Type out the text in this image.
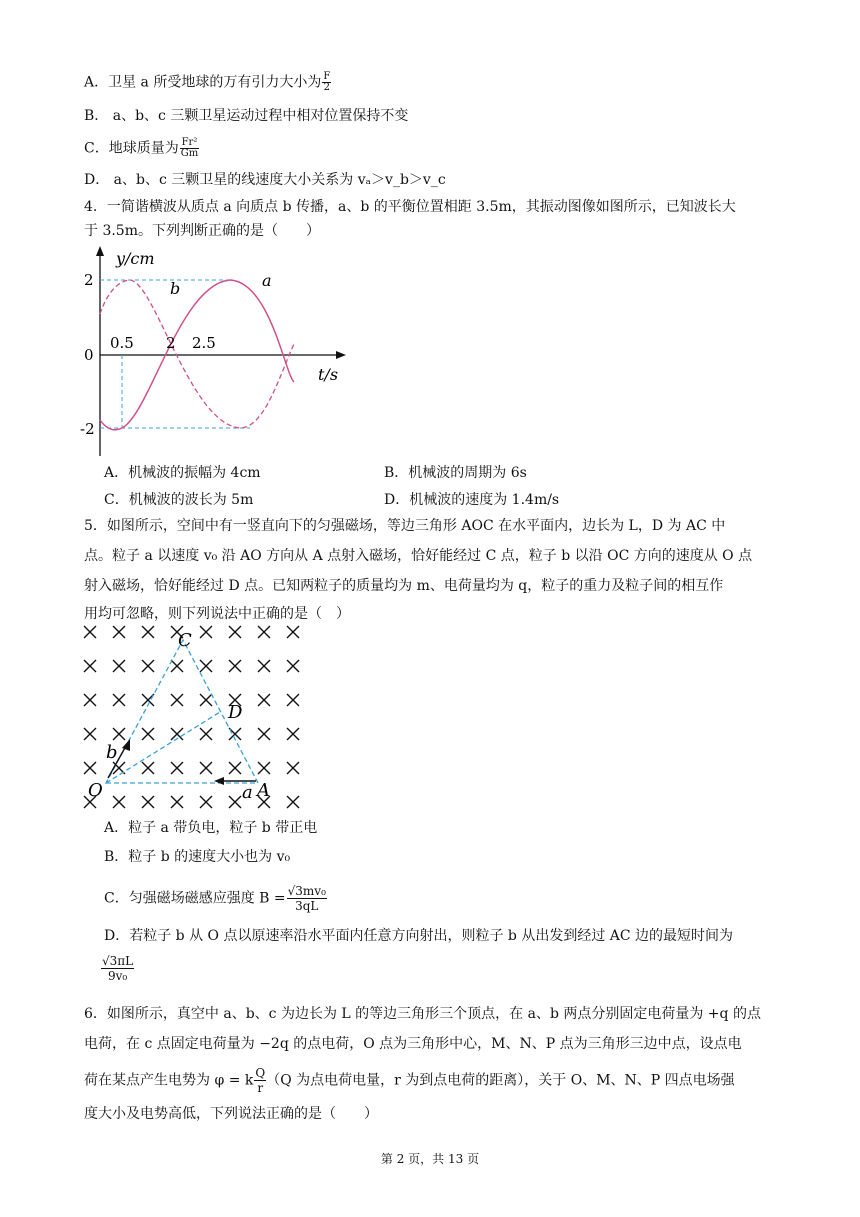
A．卫星 a 所受地球的万有引力大小为 $\frac{F}{2}$
B． a、b、c 三颗卫星运动过程中相对位置保持不变
C．地球质量为 $\frac{\text{Fr²}}{Gm}$
D． a、b、c 三颗卫星的线速度大小关系为 vₐ＞v_b＞v_c
4．一简谐横波从质点 a 向质点 b 传播，a、b 的平衡位置相距 3.5m，其振动图像如图所示，已知波长大
于 3.5m。下列判断正确的是（　　）
y/cm
2
0
-2
0.5 2 2.5
t/s
a
b
A．机械波的振幅为 4cm	B．机械波的周期为 6s
C．机械波的波长为 5m	D．机械波的速度为 1.4m/s
5．如图所示，空间中有一竖直向下的匀强磁场，等边三角形 AOC 在水平面内，边长为 L，D 为 AC 中
点。粒子 a 以速度 v₀ 沿 AO 方向从 A 点射入磁场，恰好能经过 C 点，粒子 b 以沿 OC 方向的速度从 O 点
射入磁场，恰好能经过 D 点。已知两粒子的质量均为 m、电荷量均为 q，粒子的重力及粒子间的相互作
用均可忽略，则下列说法中正确的是（　）
C
D
O	A
a
b
A．粒子 a 带负电，粒子 b 带正电
B．粒子 b 的速度大小也为 v₀
C．匀强磁场磁感应强度 $B = \frac{\text{√3mv₀}}{3qL}$
D．若粒子 b 从 O 点以原速率沿水平面内任意方向射出，则粒子 b 从出发到经过 AC 边的最短时间为
$\frac{√3\pi L}{\text{9v₀}}$
6．如图所示，真空中 a、b、c 为边长为 L 的等边三角形三个顶点，在 a、b 两点分别固定电荷量为 +q 的点
电荷，在 c 点固定电荷量为 −2q 的点电荷，O 点为三角形中心，M、N、P 点为三角形三边中点，设点电
荷在某点产生电势为 φ = k $\frac{Q}{r} (Q$ 为点电荷电量，r 为到点电荷的距离），关于 O、M、N、P 四点电场强
度大小及电势高低，下列说法正确的是（　　）
第 2 页，共 13 页
